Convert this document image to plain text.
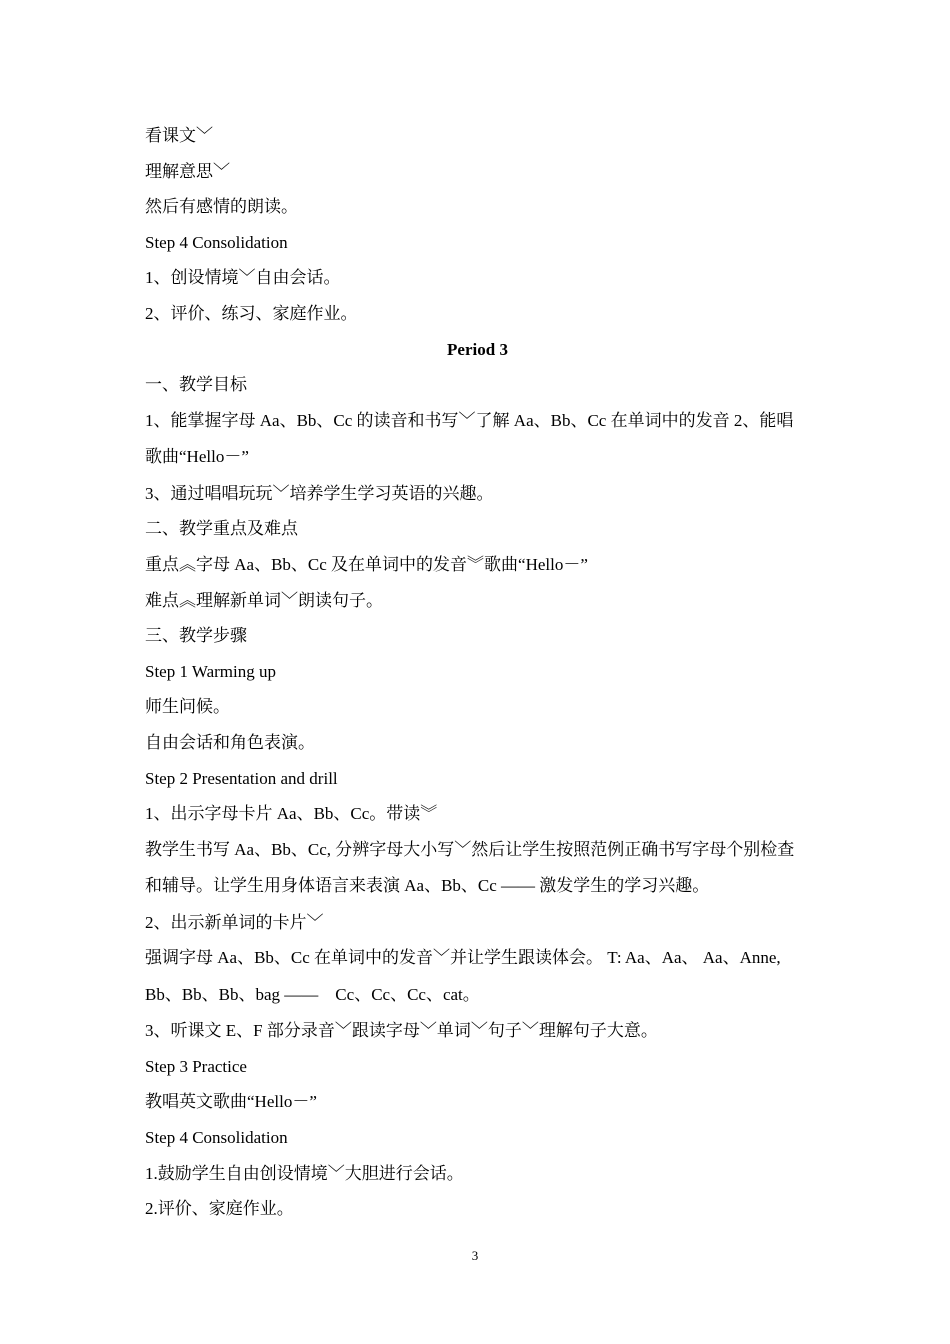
看课文﹀

理解意思﹀

然后有感情的朗读。

Step 4 Consolidation

1、创设情境﹀自由会话。

2、评价、练习、家庭作业。

Period 3

一、教学目标

1、能掌握字母 Aa、Bb、Cc 的读音和书写﹀了解 Aa、Bb、Cc 在单词中的发音 2、能唱歌曲“Hello－”

3、通过唱唱玩玩﹀培养学生学习英语的兴趣。

二、教学重点及难点

重点︽字母 Aa、Bb、Cc 及在单词中的发音︾歌曲“Hello－”

难点︽理解新单词﹀朗读句子。

三、教学步骤

Step 1 Warming up

师生问候。

自由会话和角色表演。

Step 2 Presentation and drill

1、出示字母卡片 Aa、Bb、Cc。带读︾

教学生书写 Aa、Bb、Cc, 分辨字母大小写﹀然后让学生按照范例正确书写字母个别检查和辅导。让学生用身体语言来表演 Aa、Bb、Cc —— 激发学生的学习兴趣。

2、出示新单词的卡片﹀

强调字母 Aa、Bb、Cc 在单词中的发音﹀并让学生跟读体会。 T: Aa、Aa、 Aa、Anne, Bb、Bb、Bb、bag ——　Cc、Cc、Cc、cat。

3、听课文 E、F 部分录音﹀跟读字母﹀单词﹀句子﹀理解句子大意。

Step 3 Practice

教唱英文歌曲“Hello－”

Step 4 Consolidation

1.鼓励学生自由创设情境﹀大胆进行会话。

2.评价、家庭作业。

3
